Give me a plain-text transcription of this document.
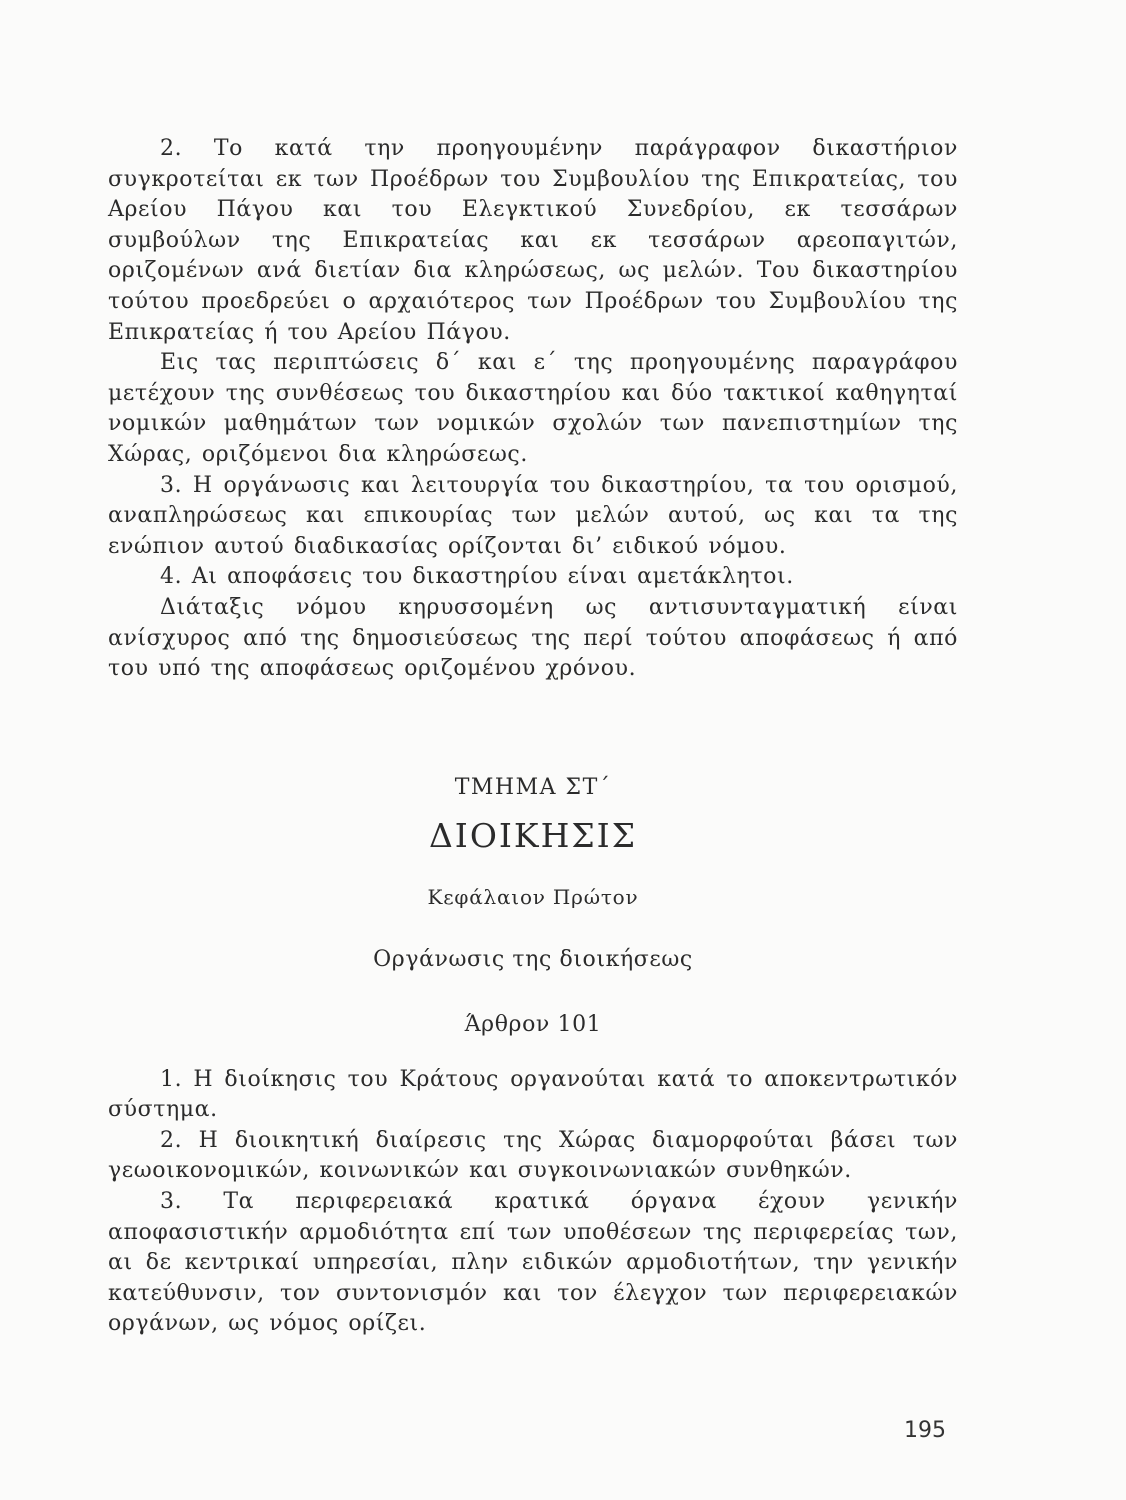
2. Το κατά την προηγουμένην παράγραφον δικαστήριον συγκροτείται εκ των Προέδρων του Συμβουλίου της Επικρατείας, του Αρείου Πάγου και του Ελεγκτικού Συνεδρίου, εκ τεσσάρων συμβούλων της Επικρατείας και εκ τεσσάρων αρεοπαγιτών, οριζομένων ανά διετίαν δια κληρώσεως, ως μελών. Του δικαστηρίου τούτου προεδρεύει ο αρχαιότερος των Προέδρων του Συμβουλίου της Επικρατείας ή του Αρείου Πάγου.

Εις τας περιπτώσεις δ΄ και ε΄ της προηγουμένης παραγράφου μετέχουν της συνθέσεως του δικαστηρίου και δύο τακτικοί καθηγηταί νομικών μαθημάτων των νομικών σχολών των πανεπιστημίων της Χώρας, οριζόμενοι δια κληρώσεως.

3. Η οργάνωσις και λειτουργία του δικαστηρίου, τα του ορισμού, αναπληρώσεως και επικουρίας των μελών αυτού, ως και τα της ενώπιον αυτού διαδικασίας ορίζονται δι’ ειδικού νόμου.

4. Αι αποφάσεις του δικαστηρίου είναι αμετάκλητοι.

Διάταξις νόμου κηρυσσομένη ως αντισυνταγματική είναι ανίσχυρος από της δημοσιεύσεως της περί τούτου αποφάσεως ή από του υπό της αποφάσεως οριζομένου χρόνου.

ΤΜΗΜΑ ΣΤ΄
ΔΙΟΙΚΗΣΙΣ
Κεφάλαιον Πρώτον
Οργάνωσις της διοικήσεως
Άρθρον 101

1. Η διοίκησις του Κράτους οργανούται κατά το αποκεντρωτικόν σύστημα.

2. Η διοικητική διαίρεσις της Χώρας διαμορφούται βάσει των γεωοικονομικών, κοινωνικών και συγκοινωνιακών συνθηκών.

3. Τα περιφερειακά κρατικά όργανα έχουν γενικήν αποφασιστικήν αρμοδιότητα επί των υποθέσεων της περιφερείας των, αι δε κεντρικαί υπηρεσίαι, πλην ειδικών αρμοδιοτήτων, την γενικήν κατεύθυνσιν, τον συντονισμόν και τον έλεγχον των περιφερειακών οργάνων, ως νόμος ορίζει.

195
